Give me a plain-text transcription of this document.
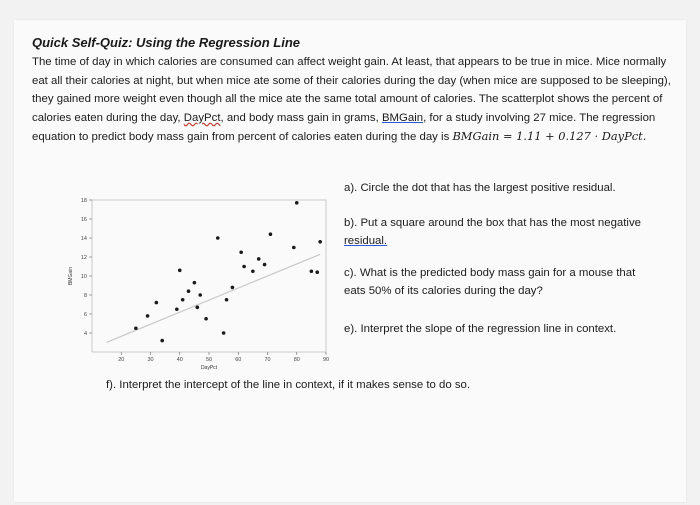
Quick Self-Quiz: Using the Regression Line
The time of day in which calories are consumed can affect weight gain. At least, that appears to be true in mice. Mice normally eat all their calories at night, but when mice ate some of their calories during the day (when mice are supposed to be sleeping), they gained more weight even though all the mice ate the same total amount of calories. The scatterplot shows the percent of calories eaten during the day, DayPct, and body mass gain in grams, BMGain, for a study involving 27 mice. The regression equation to predict body mass gain from percent of calories eaten during the day is BMGain = 1.11 + 0.127 · DayPct.
20	30	40	50	60	70	80	90
4
6
8
10
12
14
16
18
DayPct
BMGain
a). Circle the dot that has the largest positive residual.
b). Put a square around the box that has the most negative residual.
c). What is the predicted body mass gain for a mouse that eats 50% of its calories during the day?
e). Interpret the slope of the regression line in context.
f). Interpret the intercept of the line in context, if it makes sense to do so.
